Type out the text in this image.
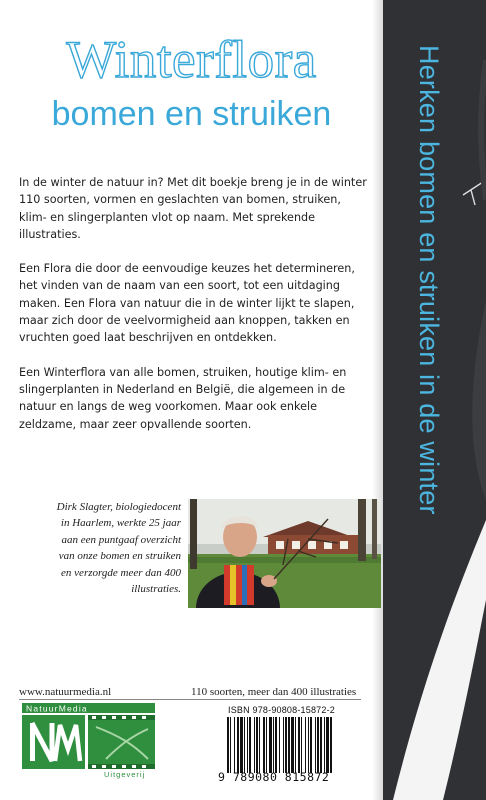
Herken bomen en struiken in de winter
Winterflora
bomen en struiken

In de winter de natuur in? Met dit boekje breng je in de winter 110 soorten, vormen en geslachten van bomen, struiken, klim- en slingerplanten vlot op naam. Met sprekende illustraties.

Een Flora die door de eenvoudige keuzes het determineren, het vinden van de naam van een soort, tot een uitdaging maken. Een Flora van natuur die in de winter lijkt te slapen, maar zich door de veelvormigheid aan knoppen, takken en vruchten goed laat beschrijven en ontdekken.

Een Winterflora van alle bomen, struiken, houtige klim- en slingerplanten in Nederland en België, die algemeen in de natuur en langs de weg voorkomen. Maar ook enkele zeldzame, maar zeer opvallende soorten.

Dirk Slagter, biologiedocent in Haarlem, werkte 25 jaar aan een puntgaaf overzicht van onze bomen en struiken en verzorgde meer dan 400 illustraties.
www.natuurmedia.nl	110 soorten, meer dan 400 illustraties
NatuurMedia
Uitgeverij
ISBN 978-90808-15872-2
9 789080 815872
